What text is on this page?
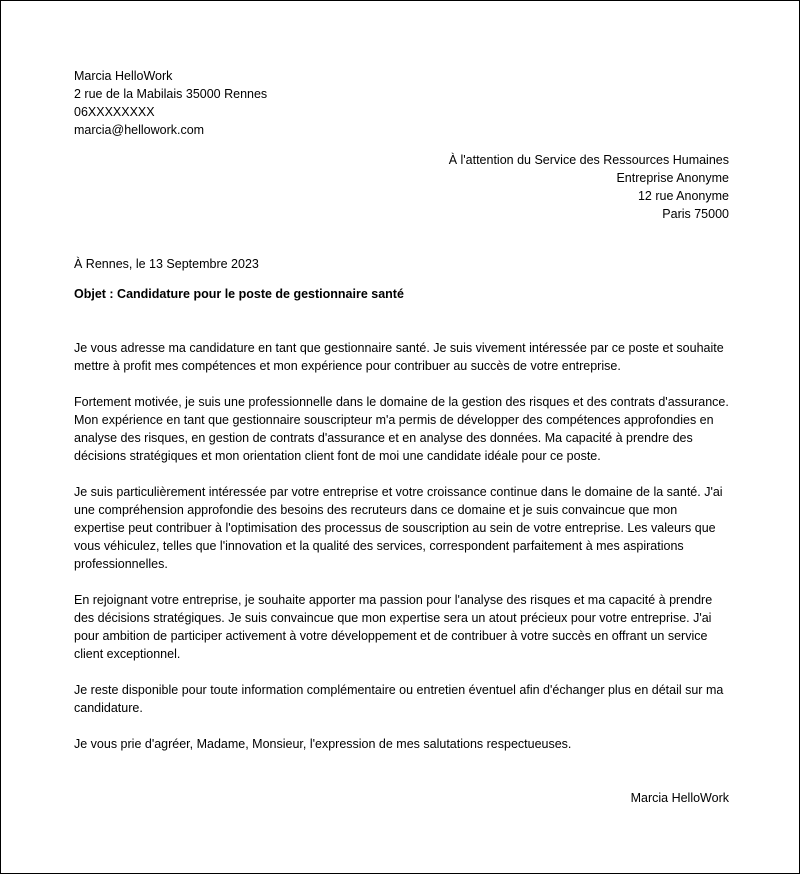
Marcia HelloWork
2 rue de la Mabilais 35000 Rennes
06XXXXXXXX
marcia@hellowork.com
À l'attention du Service des Ressources Humaines
Entreprise Anonyme
12 rue Anonyme
Paris 75000
À Rennes, le 13 Septembre 2023
Objet : Candidature pour le poste de gestionnaire santé

Je vous adresse ma candidature en tant que gestionnaire santé. Je suis vivement intéressée par ce poste et souhaite mettre à profit mes compétences et mon expérience pour contribuer au succès de votre entreprise.

Fortement motivée, je suis une professionnelle dans le domaine de la gestion des risques et des contrats d'assurance. Mon expérience en tant que gestionnaire souscripteur m'a permis de développer des compétences approfondies en analyse des risques, en gestion de contrats d'assurance et en analyse des données. Ma capacité à prendre des décisions stratégiques et mon orientation client font de moi une candidate idéale pour ce poste.

Je suis particulièrement intéressée par votre entreprise et votre croissance continue dans le domaine de la santé. J'ai une compréhension approfondie des besoins des recruteurs dans ce domaine et je suis convaincue que mon expertise peut contribuer à l'optimisation des processus de souscription au sein de votre entreprise. Les valeurs que vous véhiculez, telles que l'innovation et la qualité des services, correspondent parfaitement à mes aspirations professionnelles.

En rejoignant votre entreprise, je souhaite apporter ma passion pour l'analyse des risques et ma capacité à prendre des décisions stratégiques. Je suis convaincue que mon expertise sera un atout précieux pour votre entreprise. J'ai pour ambition de participer activement à votre développement et de contribuer à votre succès en offrant un service client exceptionnel.

Je reste disponible pour toute information complémentaire ou entretien éventuel afin d'échanger plus en détail sur ma candidature.

Je vous prie d'agréer, Madame, Monsieur, l'expression de mes salutations respectueuses.

Marcia HelloWork
